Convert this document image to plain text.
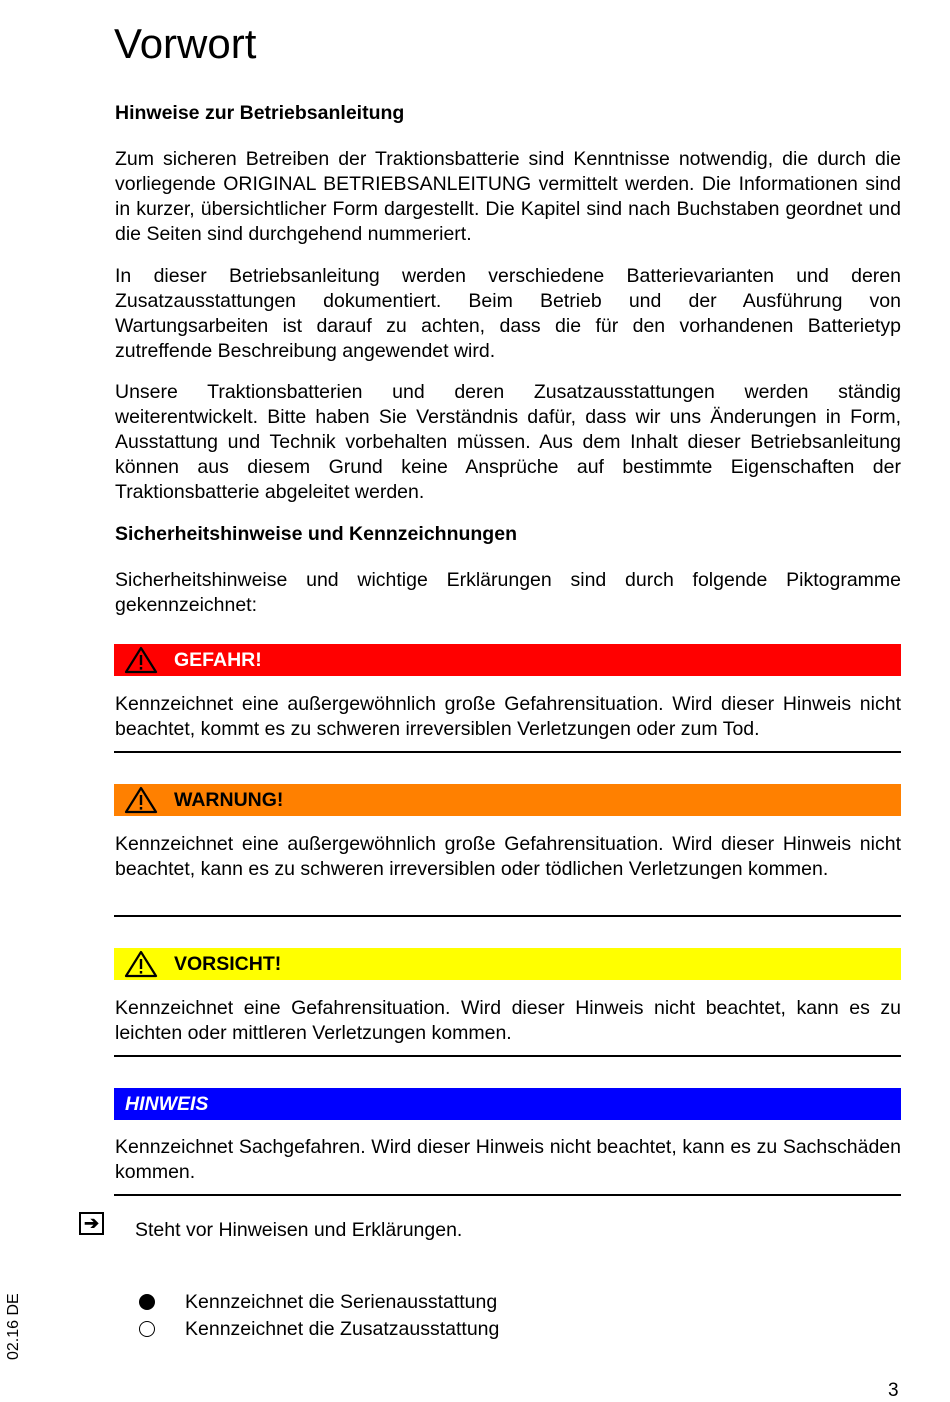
Vorwort
Hinweise zur Betriebsanleitung

Zum sicheren Betreiben der Traktionsbatterie sind Kenntnisse notwendig, die durch die vorliegende ORIGINAL BETRIEBSANLEITUNG vermittelt werden. Die Informationen sind in kurzer, übersichtlicher Form dargestellt. Die Kapitel sind nach Buchstaben geordnet und die Seiten sind durchgehend nummeriert.

In dieser Betriebsanleitung werden verschiedene Batterievarianten und deren Zusatzausstattungen dokumentiert. Beim Betrieb und der Ausführung von Wartungsarbeiten ist darauf zu achten, dass die für den vorhandenen Batterietyp zutreffende Beschreibung angewendet wird.

Unsere Traktionsbatterien und deren Zusatzausstattungen werden ständig weiterentwickelt. Bitte haben Sie Verständnis dafür, dass wir uns Änderungen in Form, Ausstattung und Technik vorbehalten müssen. Aus dem Inhalt dieser Betriebsanleitung können aus diesem Grund keine Ansprüche auf bestimmte Eigenschaften der Traktionsbatterie abgeleitet werden.

Sicherheitshinweise und Kennzeichnungen

Sicherheitshinweise und wichtige Erklärungen sind durch folgende Piktogramme gekennzeichnet:

GEFAHR!

Kennzeichnet eine außergewöhnlich große Gefahrensituation. Wird dieser Hinweis nicht beachtet, kommt es zu schweren irreversiblen Verletzungen oder zum Tod.

WARNUNG!

Kennzeichnet eine außergewöhnlich große Gefahrensituation. Wird dieser Hinweis nicht beachtet, kann es zu schweren irreversiblen oder tödlichen Verletzungen kommen.

VORSICHT!

Kennzeichnet eine Gefahrensituation. Wird dieser Hinweis nicht beachtet, kann es zu leichten oder mittleren Verletzungen kommen.

HINWEIS

Kennzeichnet Sachgefahren. Wird dieser Hinweis nicht beachtet, kann es zu Sachschäden kommen.

➔ Steht vor Hinweisen und Erklärungen.
Kennzeichnet die Serienausstattung
Kennzeichnet die Zusatzausstattung
02.16 DE
3
